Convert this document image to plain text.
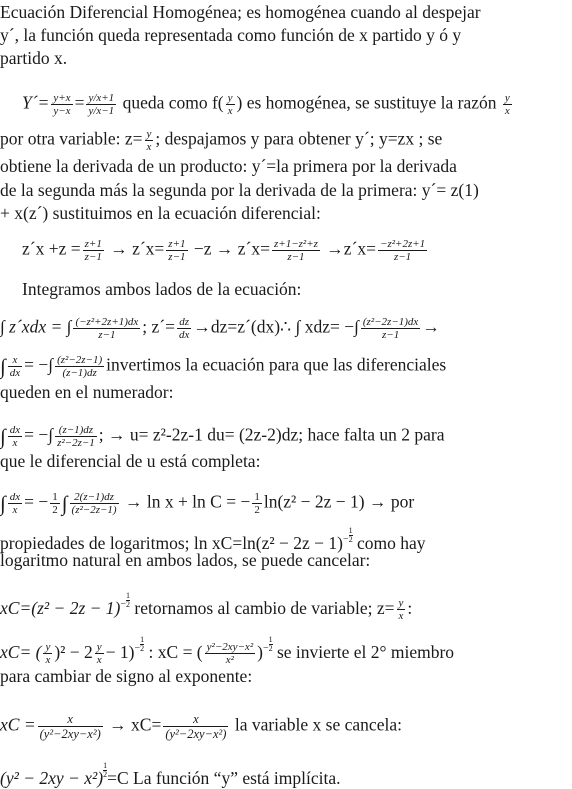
Ecuación Diferencial Homogénea; es homogénea cuando al despejar
y´, la función queda representada como función de x partido y ó y
partido x.
Y´= $\frac{y+x}{y-x} = \frac{y/x+1}{y/x-1}$ queda como $f( \frac{y}{x}$ ) es homogénea, se sustituye la razón $\frac{y}{x}$
por otra variable: $z= \frac{y}{x}$ ; despajamos y para obtener y´; y=zx ; se
obtiene la derivada de un producto: y´=la primera por la derivada
de la segunda más la segunda por la derivada de la primera: y´= z(1)
+ x(z´) sustituimos en la ecuación diferencial:
z´x $+z = \frac{z+1}{z-1}$ → z´x= $\frac{z+1}{z-1} -z$ → z´x= $\frac{\text{z+1−z²+z}}{z-1}$ →z´x= $\frac{\text{−z²+2z+1}}{z-1}$
Integramos ambos lados de la ecuación:
∫ z´xdx = ∫ $\frac{\text{(−z²+2z+1)dx}}{z-1}$ ; z´= $\frac{dz}{dx}$ →dz=z´(dx)∴ ∫ xdz= −∫ $\frac{\text{(z²−2z−1)dx}}{z-1}$ →
∫ $\frac{x}{dx}$ = −∫ $\frac{\text{(z²−2z−1)}}{(z-1)dz}$ invertimos la ecuación para que las diferenciales
queden en el numerador:
∫ $\frac{dx}{x}$ = −∫ $\frac{(z-1)dz}{\text{z²−2z−1}}$ ; → u= z²-2z-1 du= (2z-2)dz; hace falta un 2 para
que le diferencial de u está completa:
∫ $\frac{dx}{x}$ = − $\frac{1}{2}$ ∫ $\frac{2(z-1)dz}{\text{(z²−2z−1)}} \to \ln x + \ln C$ = − $\frac{1}{2} \ln(z^2 - 2z - 1)$ → por
propiedades de logaritmos; $\ln xC=\ln(z^2 - 2z - 1)^- \frac{1}{2}$ como hay
logaritmo natural en ambos lados, se puede cancelar:
$xC=(z^2 - 2z - 1)^- \frac{1}{2}$ retornamos al cambio de variable; $z= \frac{y}{x}$ :
xC= ( $\frac{y}{x} )^2 - 2 \frac{y}{x} - 1)^- \frac{1}{2}$ : xC = ( $\frac{\text{y²−2xy−x²}}{\text{x²}} )^- \frac{1}{2}$ se invierte el 2° miembro
para cambiar de signo al exponente:
xC = $\frac{x}{\text{(y²−2xy−x²)}} \to xC= \frac{x}{\text{(y²−2xy−x²)}}$ la variable x se cancela:
$(y^2 - 2xy - x^2) \frac{1}{2} =C$ La función “y” está implícita.
